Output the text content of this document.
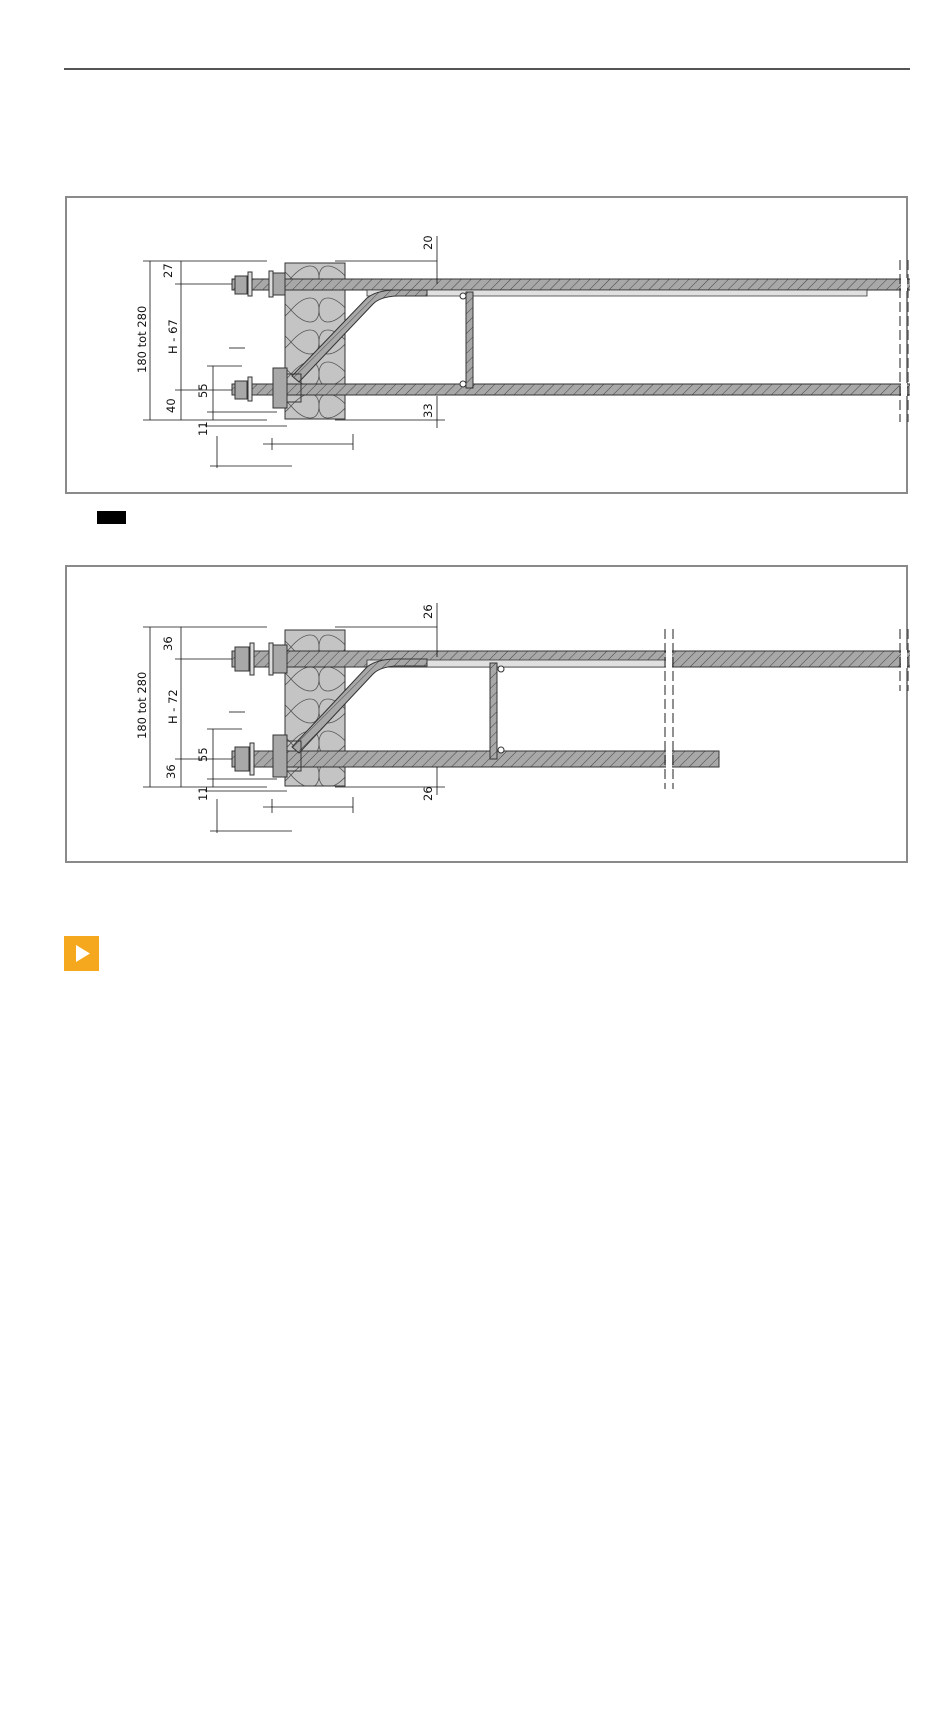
20
27
180 tot 280 H - 67
55
40
11
33
26
36
180 tot 280 H - 72
55
36
11	26
